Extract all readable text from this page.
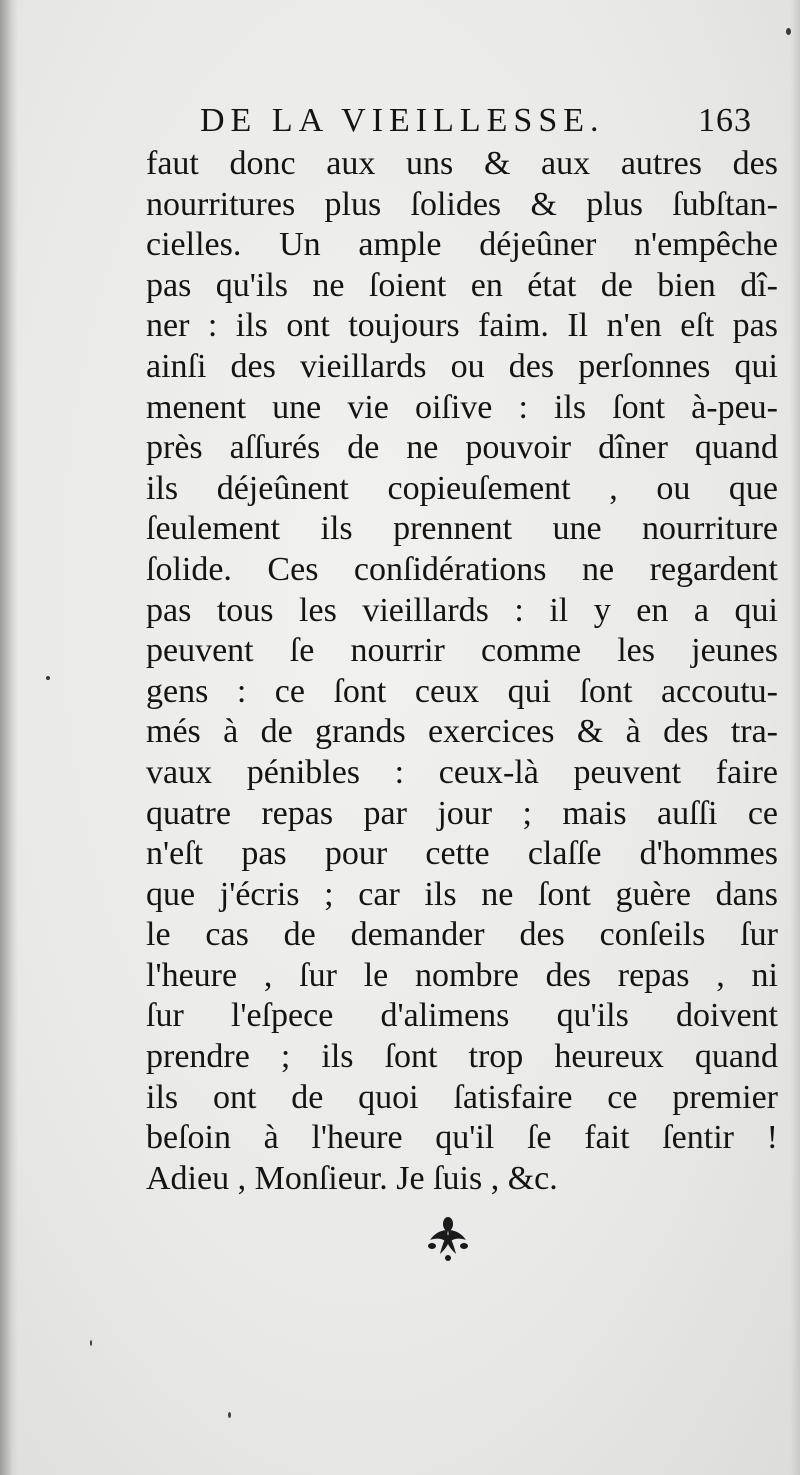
DE LA VIEILLESSE.	163
faut donc aux uns & aux autres des
nourritures plus ſolides & plus ſubſtan-
cielles. Un ample déjeûner n'empêche
pas qu'ils ne ſoient en état de bien dî-
ner : ils ont toujours faim. Il n'en eſt pas
ainſi des vieillards ou des perſonnes qui
menent une vie oiſive : ils ſont à-peu-
près aſſurés de ne pouvoir dîner quand
ils déjeûnent copieuſement , ou que
ſeulement ils prennent une nourriture
ſolide. Ces conſidérations ne regardent
pas tous les vieillards : il y en a qui
peuvent ſe nourrir comme les jeunes
gens : ce ſont ceux qui ſont accoutu-
més à de grands exercices & à des tra-
vaux pénibles : ceux-là peuvent faire
quatre repas par jour ; mais auſſi ce
n'eſt pas pour cette claſſe d'hommes
que j'écris ; car ils ne ſont guère dans
le cas de demander des conſeils ſur
l'heure , ſur le nombre des repas , ni
ſur l'eſpece d'alimens qu'ils doivent
prendre ; ils ſont trop heureux quand
ils ont de quoi ſatisfaire ce premier
beſoin à l'heure qu'il ſe fait ſentir !
Adieu , Monſieur. Je ſuis , &c.
